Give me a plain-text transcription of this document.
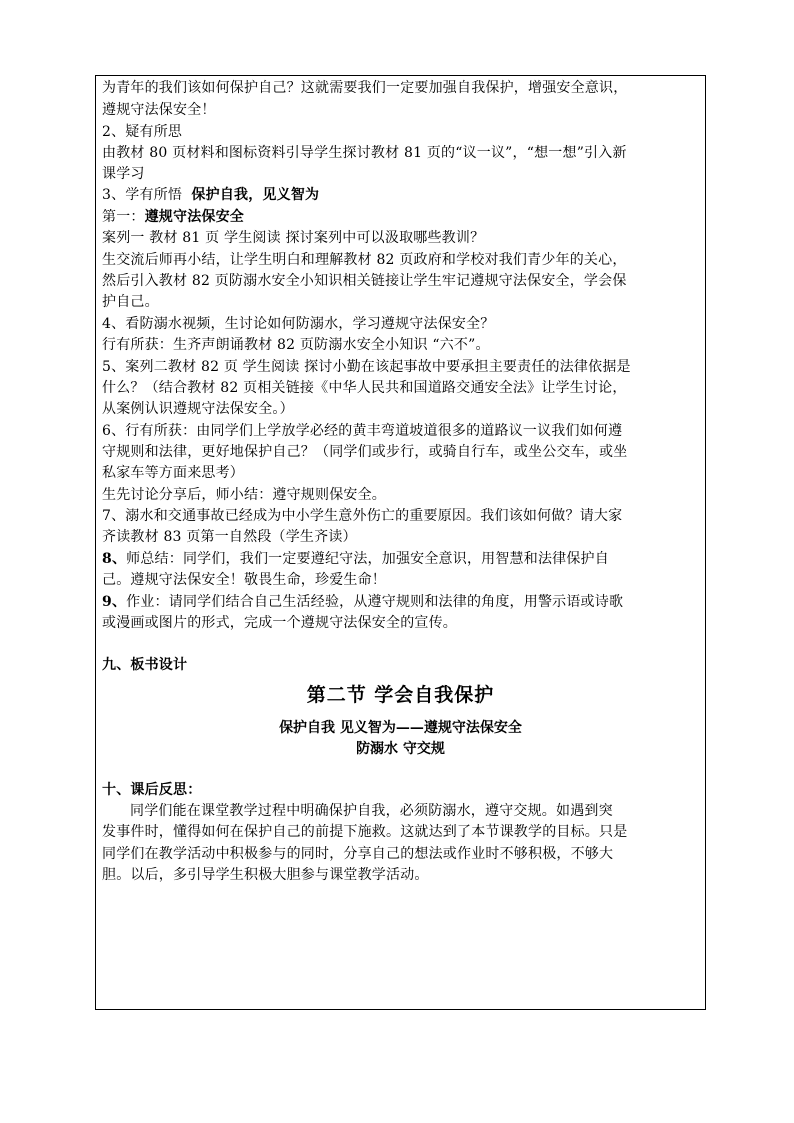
为青年的我们该如何保护自己？这就需要我们一定要加强自我保护，增强安全意识，
遵规守法保安全！
2、疑有所思
由教材 80 页材料和图标资料引导学生探讨教材 81 页的“议一议”，“想一想”引入新
课学习
3、学有所悟 保护自我，见义智为
第一：遵规守法保安全
案列一 教材 81 页 学生阅读 探讨案列中可以汲取哪些教训？
生交流后师再小结，让学生明白和理解教材 82 页政府和学校对我们青少年的关心，
然后引入教材 82 页防溺水安全小知识相关链接让学生牢记遵规守法保安全，学会保
护自己。
4、看防溺水视频，生讨论如何防溺水，学习遵规守法保安全？
行有所获：生齐声朗诵教材 82 页防溺水安全小知识 “六不”。
5、案列二教材 82 页 学生阅读 探讨小勤在该起事故中要承担主要责任的法律依据是
什么？（结合教材 82 页相关链接《中华人民共和国道路交通安全法》让学生讨论，
从案例认识遵规守法保安全。）
6、行有所获：由同学们上学放学必经的黄丰弯道坡道很多的道路议一议我们如何遵
守规则和法律，更好地保护自己？（同学们或步行，或骑自行车，或坐公交车，或坐
私家车等方面来思考）
生先讨论分享后，师小结：遵守规则保安全。
7、溺水和交通事故已经成为中小学生意外伤亡的重要原因。我们该如何做？请大家
齐读教材 83 页第一自然段（学生齐读）
8、师总结：同学们，我们一定要遵纪守法，加强安全意识，用智慧和法律保护自
己。遵规守法保安全！敬畏生命，珍爱生命！
9、作业：请同学们结合自己生活经验，从遵守规则和法律的角度，用警示语或诗歌
或漫画或图片的形式，完成一个遵规守法保安全的宣传。
九、板书设计
第二节 学会自我保护
保护自我 见义智为——遵规守法保安全
防溺水 守交规
十、课后反思：
同学们能在课堂教学过程中明确保护自我，必须防溺水，遵守交规。如遇到突
发事件时，懂得如何在保护自己的前提下施救。这就达到了本节课教学的目标。只是
同学们在教学活动中积极参与的同时，分享自己的想法或作业时不够积极，不够大
胆。以后，多引导学生积极大胆参与课堂教学活动。
